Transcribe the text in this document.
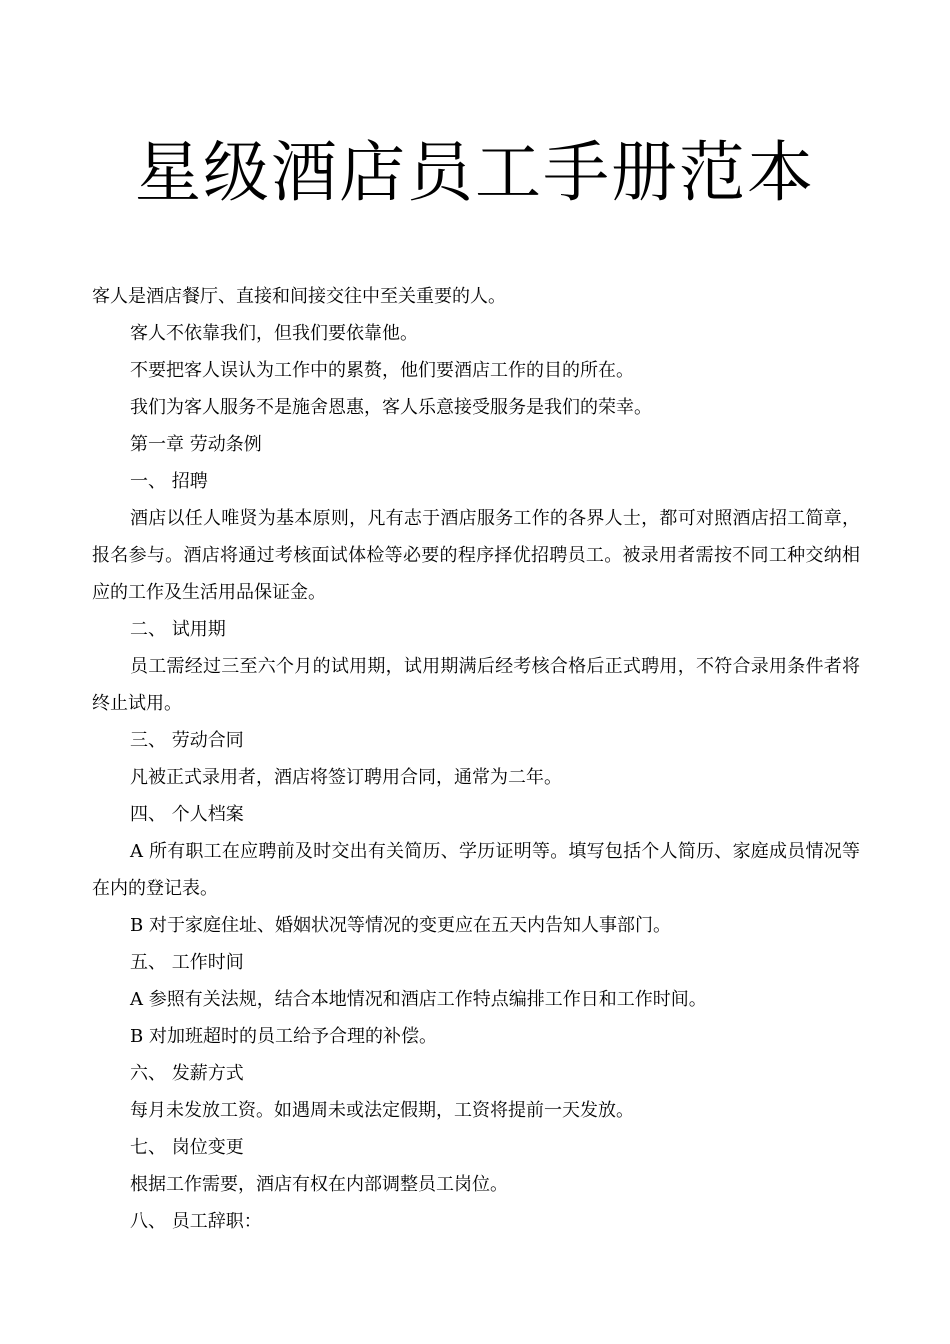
星级酒店员工手册范本

客人是酒店餐厅、直接和间接交往中至关重要的人。

客人不依靠我们，但我们要依靠他。

不要把客人误认为工作中的累赘，他们要酒店工作的目的所在。

我们为客人服务不是施舍恩惠，客人乐意接受服务是我们的荣幸。

第一章 劳动条例

一、 招聘

酒店以任人唯贤为基本原则，凡有志于酒店服务工作的各界人士，都可对照酒店招工简章，报名参与。酒店将通过考核面试体检等必要的程序择优招聘员工。被录用者需按不同工种交纳相应的工作及生活用品保证金。

二、 试用期

员工需经过三至六个月的试用期，试用期满后经考核合格后正式聘用，不符合录用条件者将终止试用。

三、 劳动合同

凡被正式录用者，酒店将签订聘用合同，通常为二年。

四、 个人档案

A 所有职工在应聘前及时交出有关简历、学历证明等。填写包括个人简历、家庭成员情况等在内的登记表。

B 对于家庭住址、婚姻状况等情况的变更应在五天内告知人事部门。

五、 工作时间

A 参照有关法规，结合本地情况和酒店工作特点编排工作日和工作时间。

B 对加班超时的员工给予合理的补偿。

六、 发薪方式

每月未发放工资。如遇周未或法定假期，工资将提前一天发放。

七、 岗位变更

根据工作需要，酒店有权在内部调整员工岗位。

八、 员工辞职：
